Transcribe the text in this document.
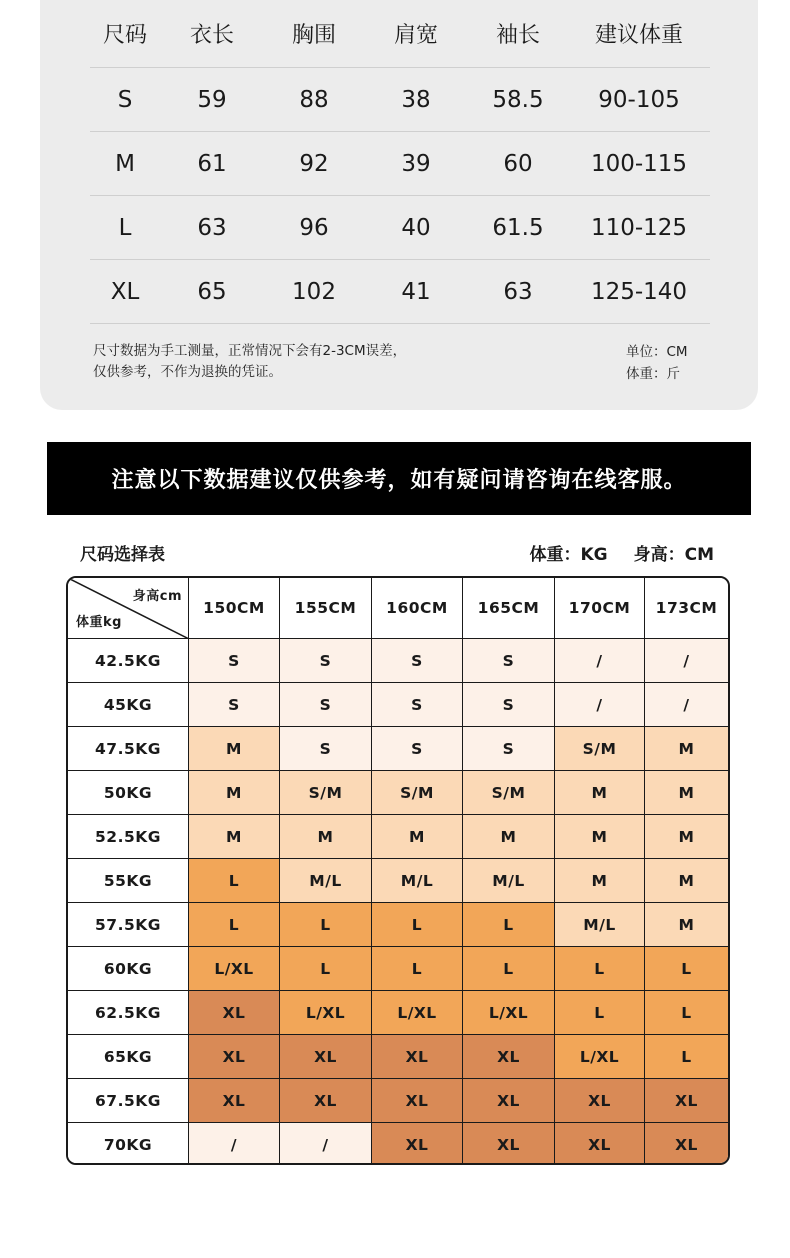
尺码	衣长	胸围	肩宽	袖长	建议体重
S	59	88	38	58.5	90-105
M	61	92	39	60	100-115
L	63	96	40	61.5	110-125
XL	65	102	41	63	125-140
尺寸数据为手工测量，正常情况下会有2-3CM误差，
仅供参考，不作为退换的凭证。
单位：CM
体重：斤
注意以下数据建议仅供参考，如有疑问请咨询在线客服。
尺码选择表	体重：KG 身高：CM
身高cm
体重kg
150CM	155CM	160CM	165CM	170CM	173CM
42.5KG	S	S	S	S	/	/
45KG	S	S	S	S	/	/
47.5KG	M	S	S	S	S/M	M
50KG	M	S/M	S/M	S/M	M	M
52.5KG	M	M	M	M	M	M
55KG	L	M/L	M/L	M/L	M	M
57.5KG	L	L	L	L	M/L	M
60KG	L/XL	L	L	L	L	L
62.5KG	XL	L/XL	L/XL	L/XL	L	L
65KG	XL	XL	XL	XL	L/XL	L
67.5KG	XL	XL	XL	XL	XL	XL
70KG	/	/	XL	XL	XL	XL
